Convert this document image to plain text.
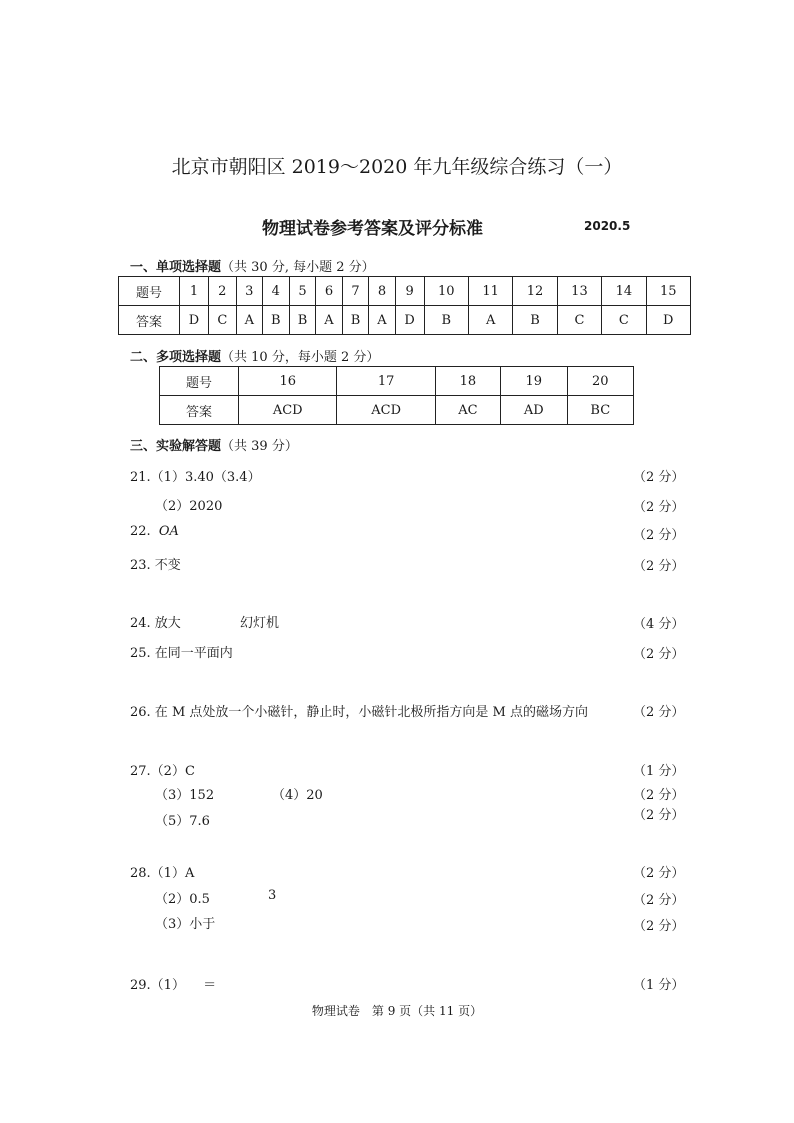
北京市朝阳区 2019～2020 年九年级综合练习（一）
物理试卷参考答案及评分标准	2020.5
一、单项选择题（共 30 分, 每小题 2 分）
题号	1	2	3	4	5	6	7	8	9	10	11	12	13	14	15
答案	D	C	A	B	B	A	B	A	D	B	A	B	C	C	D
二、多项选择题（共 10 分，每小题 2 分）
题号	16	17	18	19	20
答案	ACD	ACD	AC	AD	BC
三、实验解答题（共 39 分）
21.（1）3.40（3.4）	（2 分）
（2）2020	（2 分）
22. OA	（2 分）
23. 不变	（2 分）
24. 放大	幻灯机	（4 分）
25. 在同一平面内	（2 分）
26. 在 M 点处放一个小磁针，静止时，小磁针北极所指方向是 M 点的磁场方向	（2 分）
27.（2）C	（1 分）
（3）152	（4）20	（2 分）
（5）7.6	（2 分）
28.（1）A	（2 分）
（2）0.5	3	（2 分）
（3）小于	（2 分）
29.（1） ＝	（1 分）
物理试卷　第 9 页（共 11 页）
